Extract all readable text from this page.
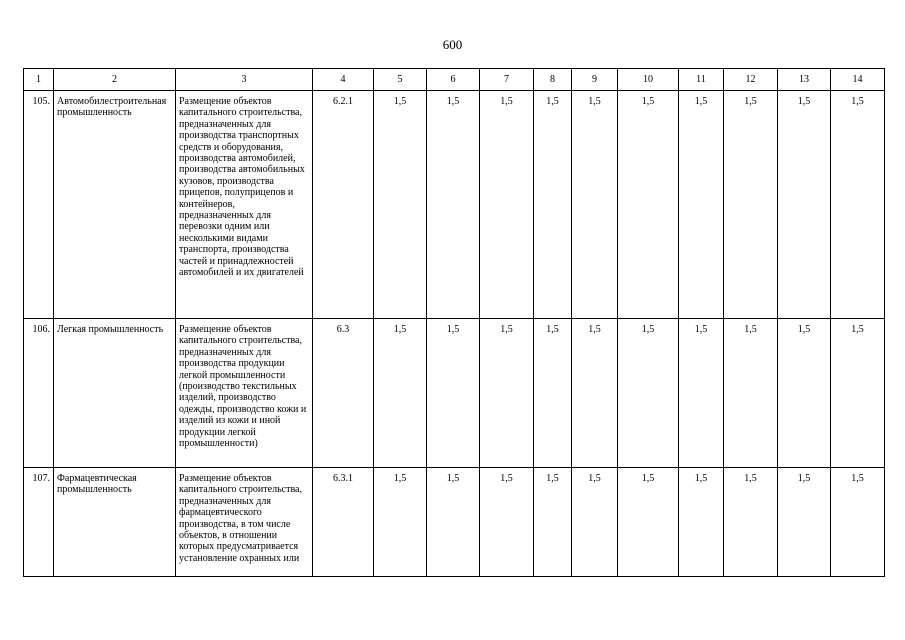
600
1	2	3	4	5	6	7	8	9	10	11	12	13	14
105.	Автомобилестроительная промышленность	Размещение объектов капитального строительства, предназначенных для производства транспортных средств и оборудования, производства автомобилей, производства автомобильных кузовов, производства прицепов, полуприцепов и контейнеров, предназначенных для перевозки одним или несколькими видами транспорта, производства частей и принадлежностей автомобилей и их двигателей	6.2.1	1,5	1,5	1,5	1,5	1,5	1,5	1,5	1,5	1,5	1,5
106.	Легкая промышленность	Размещение объектов капитального строительства, предназначенных для производства продукции легкой промышленности (производство текстильных изделий, производство одежды, производство кожи и изделий из кожи и иной продукции легкой промышленности)	6.3	1,5	1,5	1,5	1,5	1,5	1,5	1,5	1,5	1,5	1,5
107.	Фармацевтическая промышленность	Размещение объектов капитального строительства, предназначенных для фармацевтического производства, в том числе объектов, в отношении которых предусматривается установление охранных или	6.3.1	1,5	1,5	1,5	1,5	1,5	1,5	1,5	1,5	1,5	1,5
